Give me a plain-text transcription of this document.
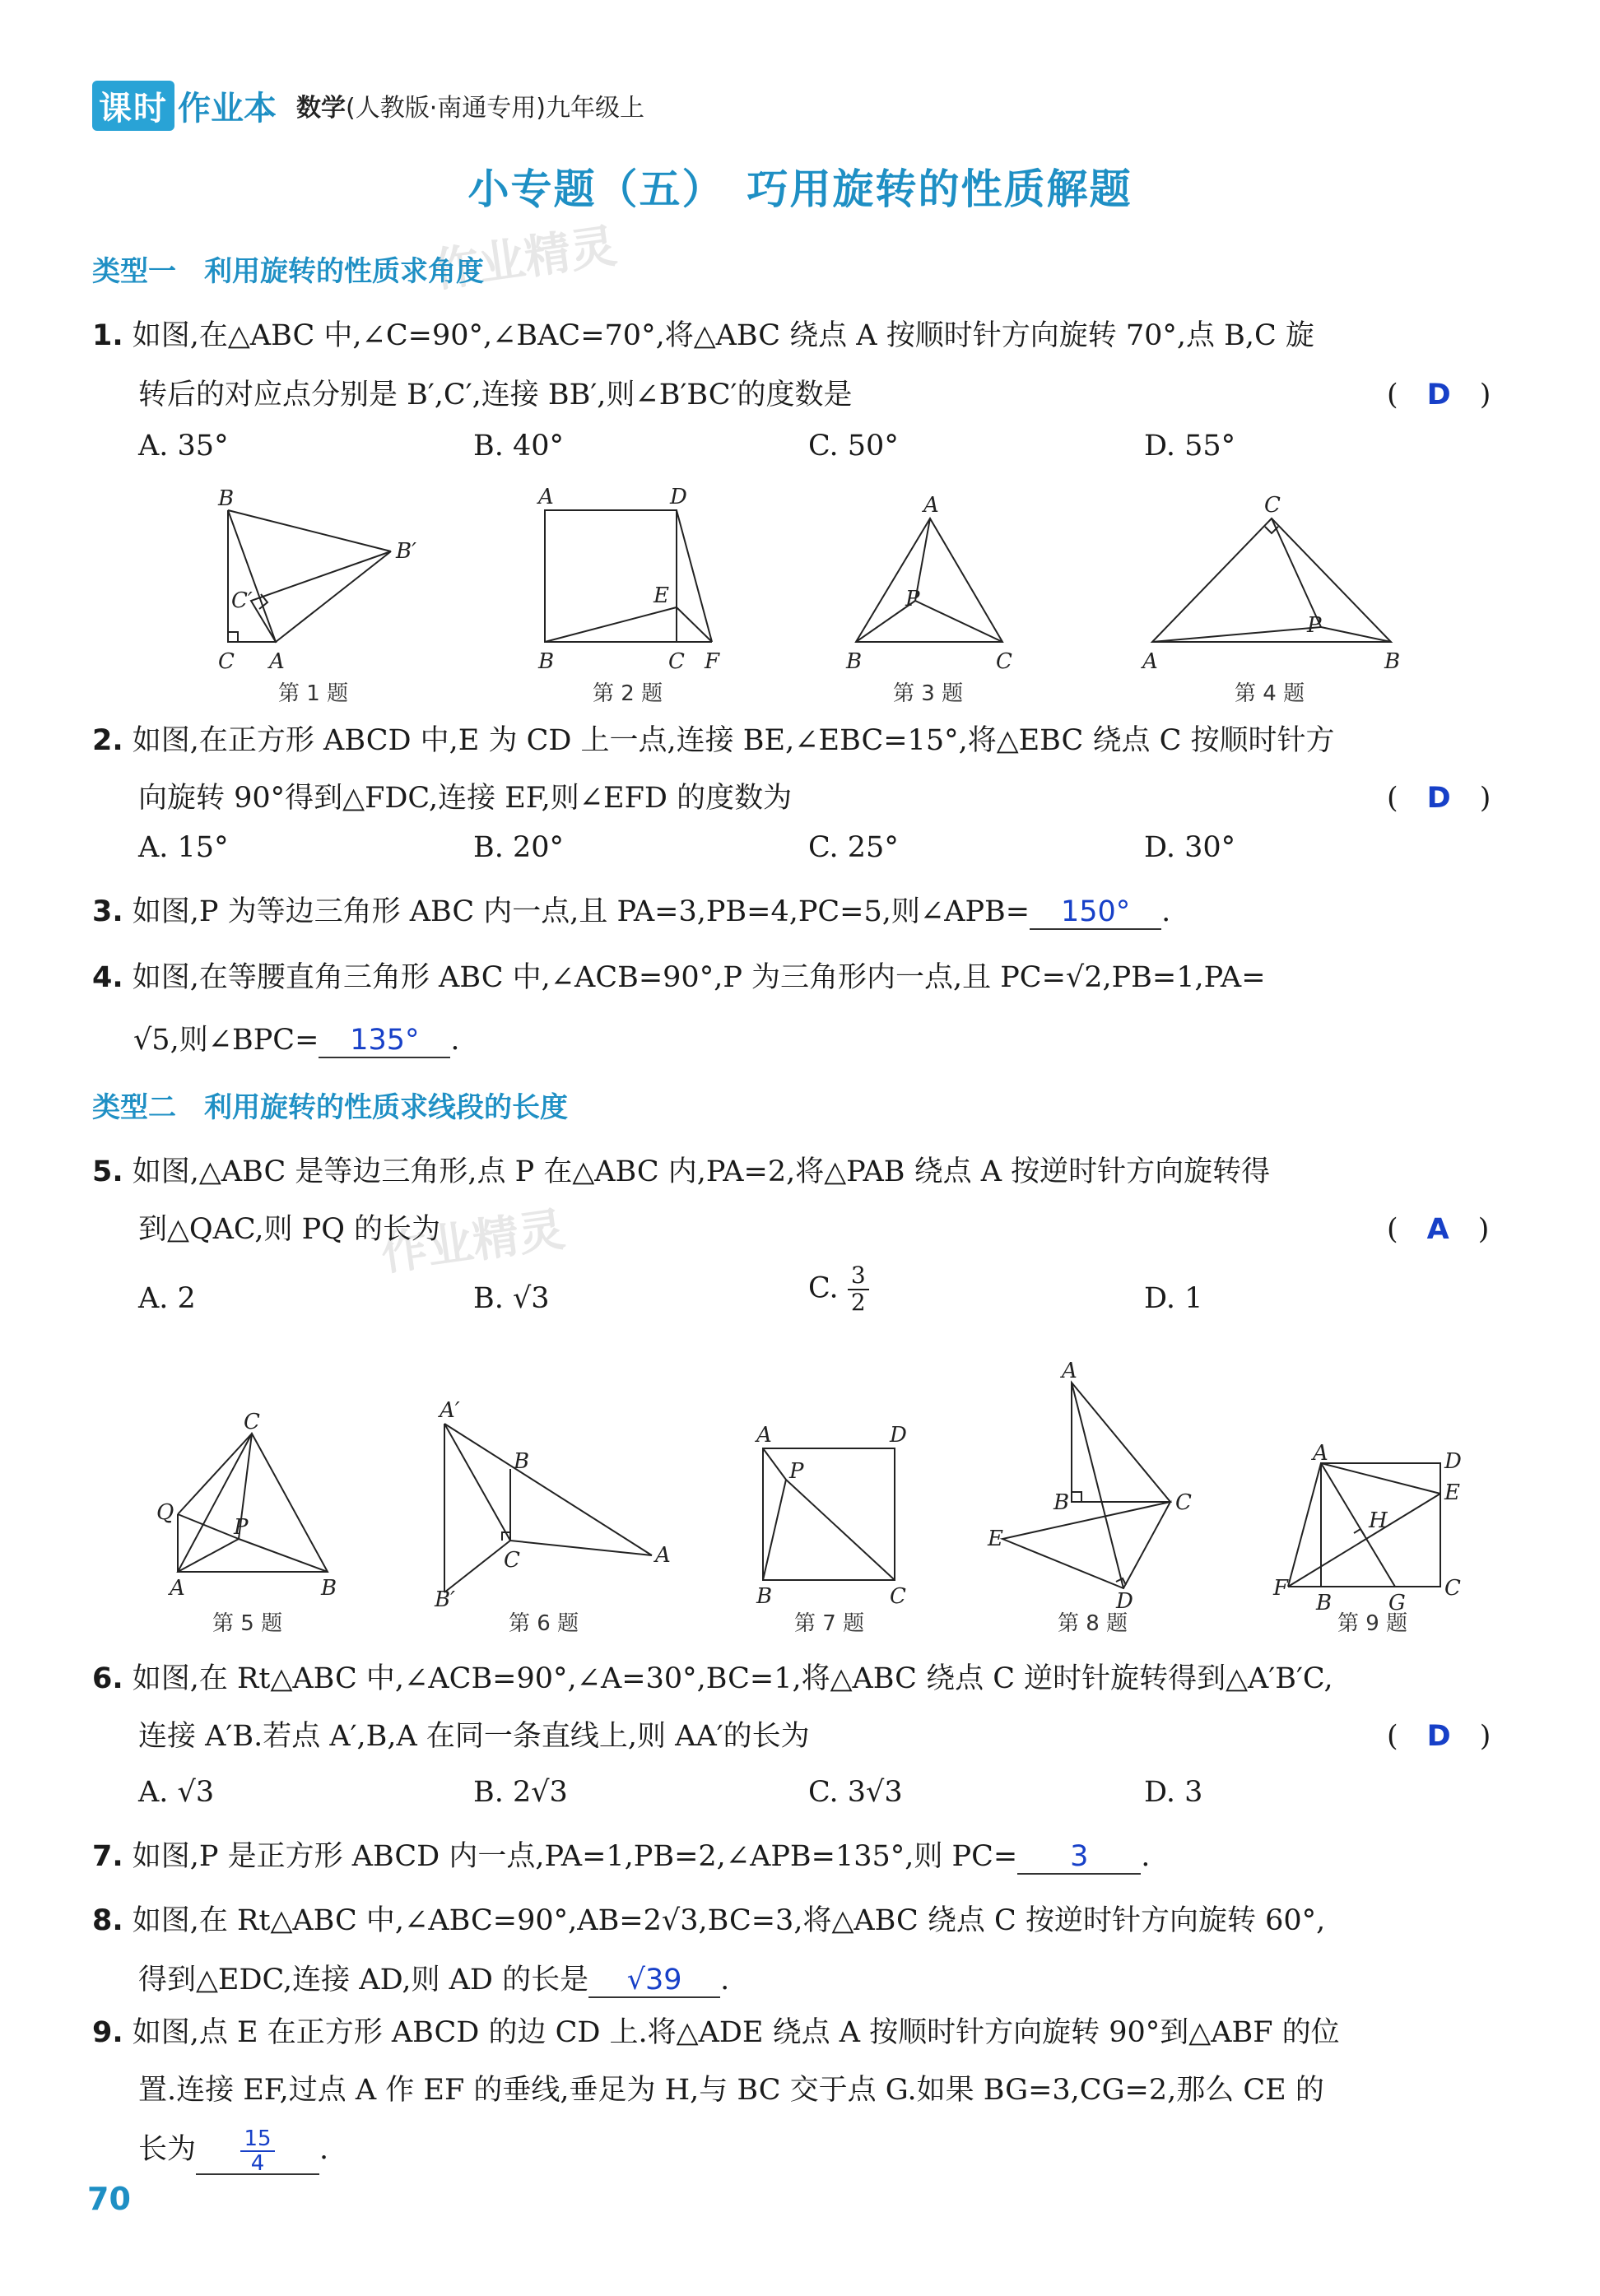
课时 作业本 数学(人教版·南通专用)九年级上
小专题（五）　巧用旋转的性质解题
作业精灵
作业精灵
类型一　利用旋转的性质求角度
1. 如图,在△ABC 中,∠C=90°,∠BAC=70°,将△ABC 绕点 A 按顺时针方向旋转 70°,点 B,C 旋
转后的对应点分别是 B′,C′,连接 BB′,则∠B′BC′的度数是	(　D　)
A. 35°	B. 40°	C. 50°	D. 55°
B
B′
C′
C A
第 1 题
A	D
E
B	C F
第 2 题
A
P
B	C
第 3 题
C
P
A	B
第 4 题
2. 如图,在正方形 ABCD 中,E 为 CD 上一点,连接 BE,∠EBC=15°,将△EBC 绕点 C 按顺时针方
向旋转 90°得到△FDC,连接 EF,则∠EFD 的度数为	(　D　)
A. 15°	B. 20°	C. 25°	D. 30°
3. 如图,P 为等边三角形 ABC 内一点,且 PA=3,PB=4,PC=5,则∠APB= 150° .
4. 如图,在等腰直角三角形 ABC 中,∠ACB=90°,P 为三角形内一点,且 PC=√2,PB=1,PA=
√5,则∠BPC= 135° .
类型二　利用旋转的性质求线段的长度
5. 如图,△ABC 是等边三角形,点 P 在△ABC 内,PA=2,将△PAB 绕点 A 按逆时针方向旋转得
到△QAC,则 PQ 的长为	(　A　)
A. 2	B. √3	C. $\frac{3}{2}$	D. 1
C
Q
P
A	B
第 5 题
A′
B
C	A
B′
第 6 题
A	D
P
B	C
第 7 题
A
B	C
E
D
第 8 题
A	D
E
H
F
B	G
C
第 9 题
6. 如图,在 Rt△ABC 中,∠ACB=90°,∠A=30°,BC=1,将△ABC 绕点 C 逆时针旋转得到△A′B′C,
连接 A′B.若点 A′,B,A 在同一条直线上,则 AA′的长为	(　D　)
A. √3	B. 2√3	C. 3√3	D. 3
7. 如图,P 是正方形 ABCD 内一点,PA=1,PB=2,∠APB=135°,则 PC= 3 .
8. 如图,在 Rt△ABC 中,∠ABC=90°,AB=2√3,BC=3,将△ABC 绕点 C 按逆时针方向旋转 60°,
得到△EDC,连接 AD,则 AD 的长是 √39 .
9. 如图,点 E 在正方形 ABCD 的边 CD 上.将△ADE 绕点 A 按顺时针方向旋转 90°到△ABF 的位
置.连接 EF,过点 A 作 EF 的垂线,垂足为 H,与 BC 交于点 G.如果 BG=3,CG=2,那么 CE 的
长为 $\frac{15}{4}$ .
70
